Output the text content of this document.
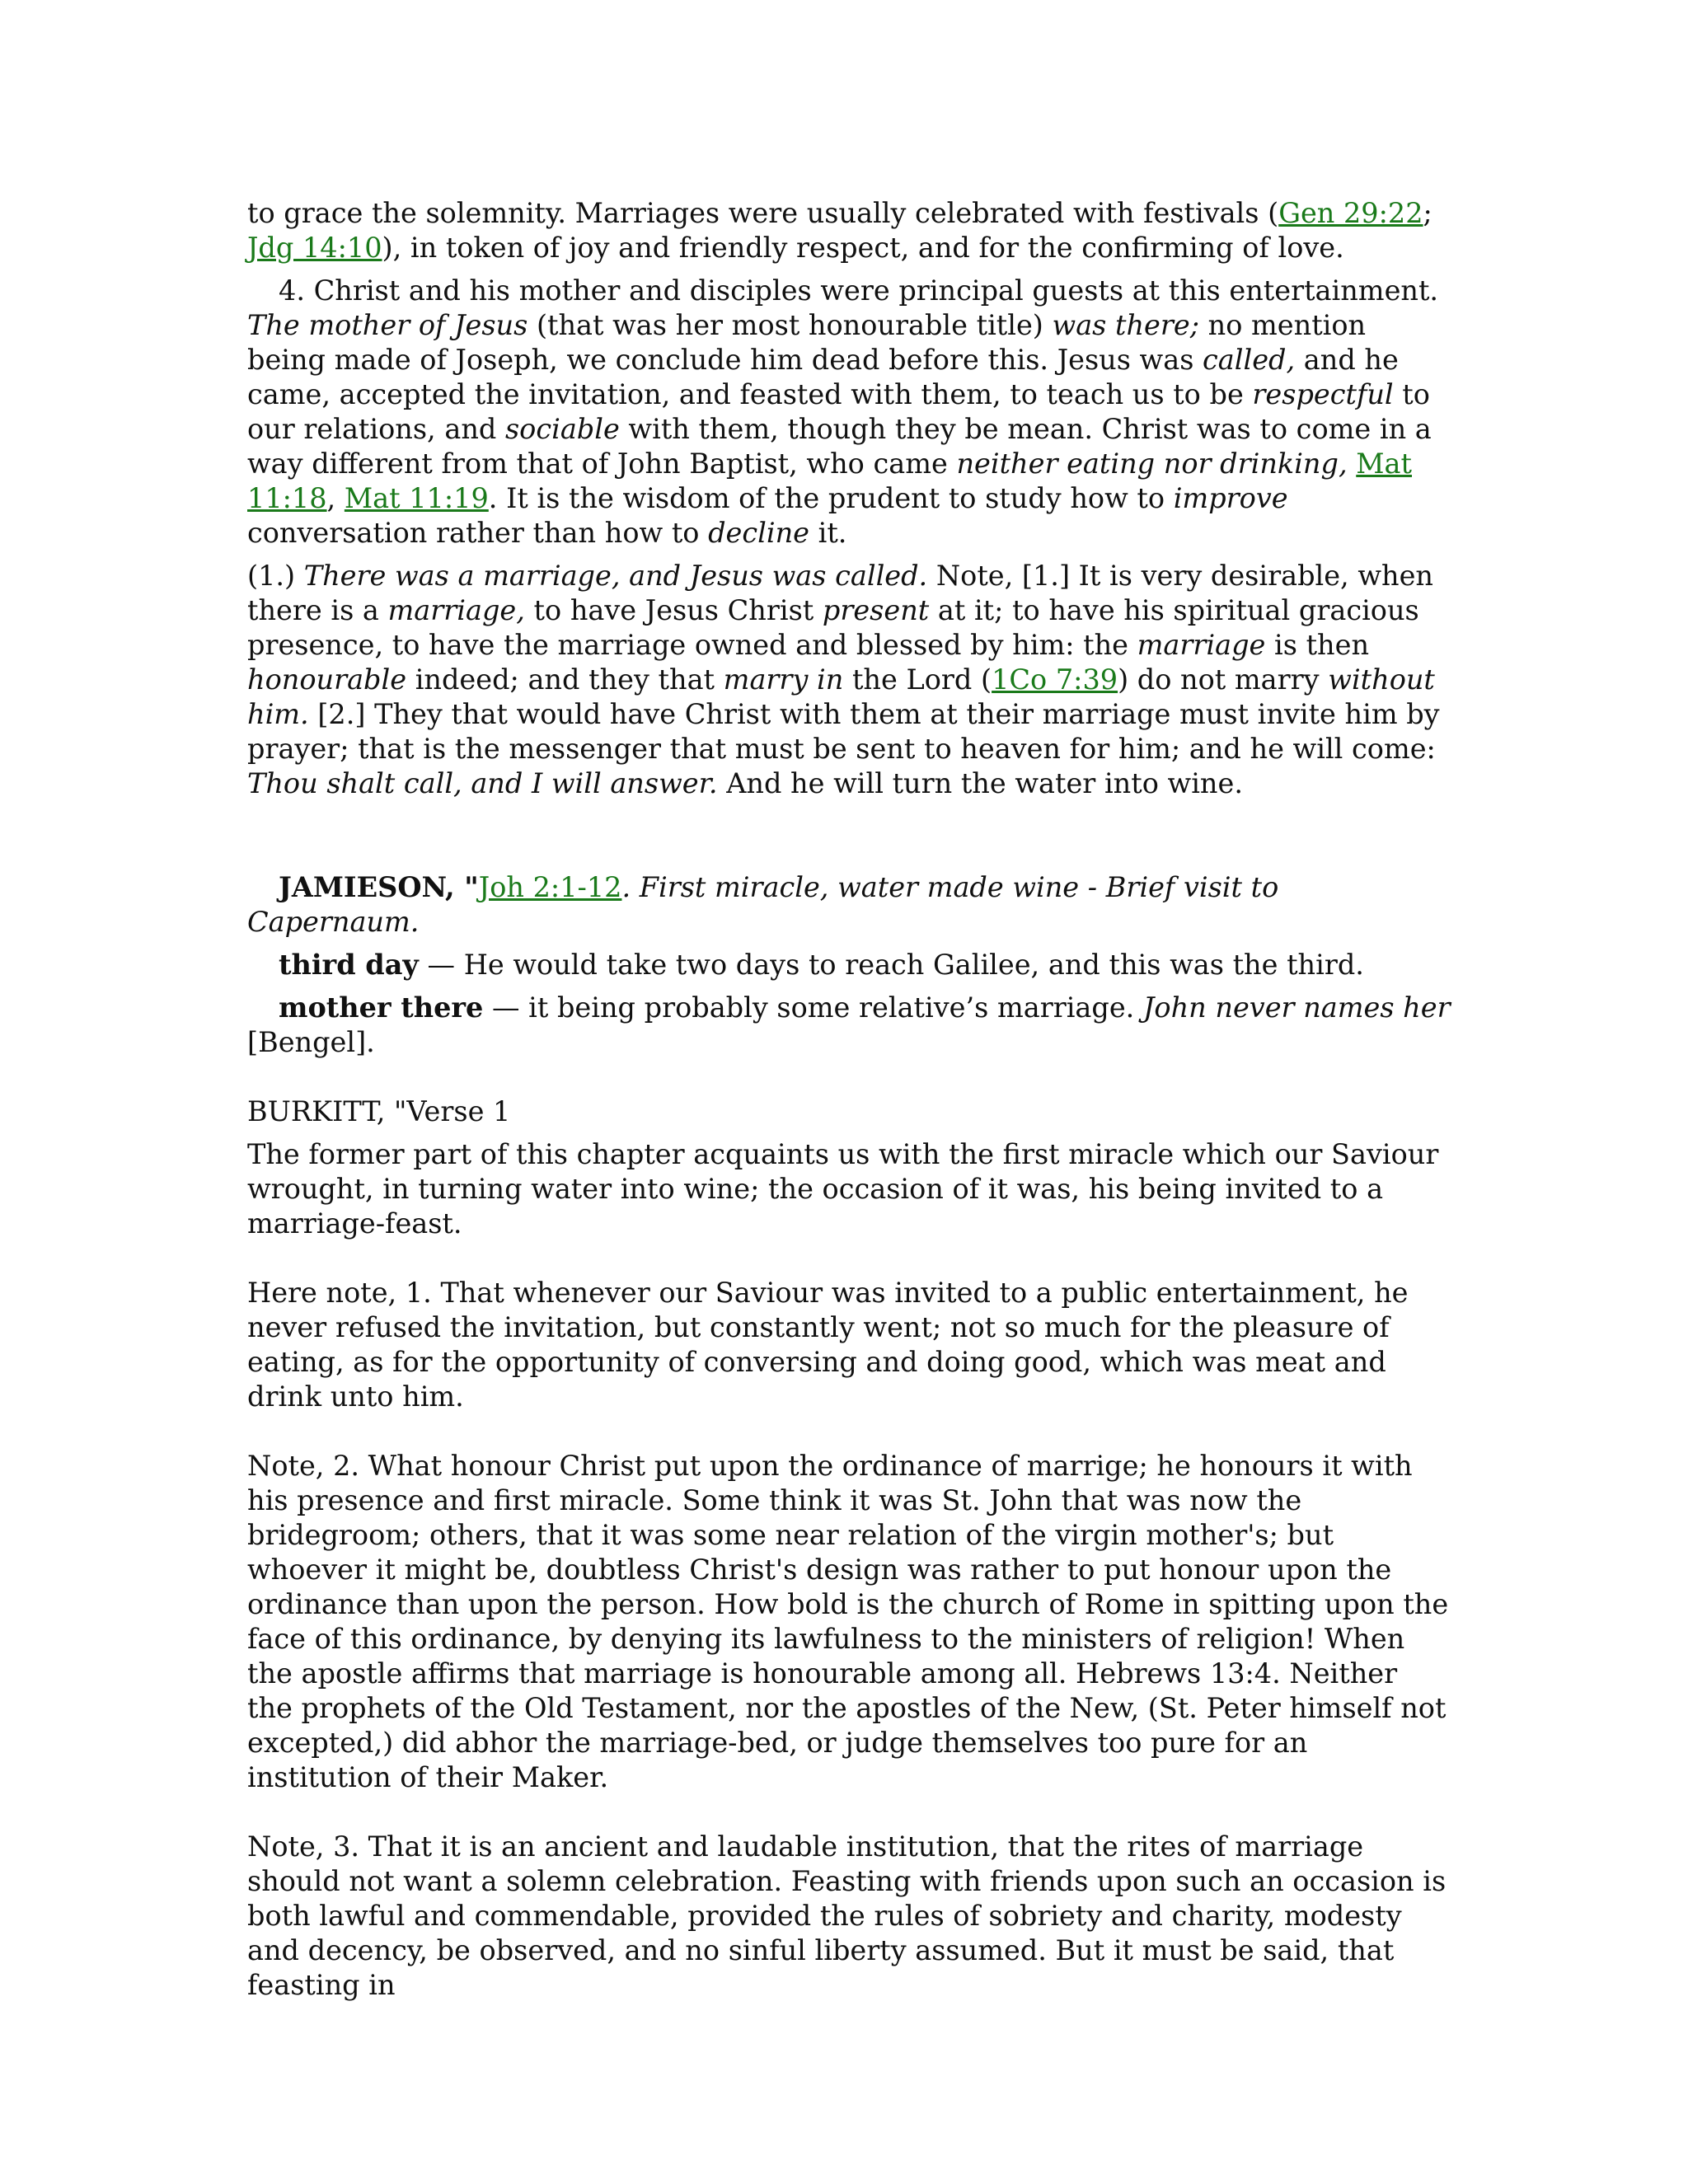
to grace the solemnity. Marriages were usually celebrated with festivals (Gen 29:22; Jdg 14:10), in token of joy and friendly respect, and for the confirming of love.

4. Christ and his mother and disciples were principal guests at this entertainment. The mother of Jesus (that was her most honourable title) was there; no mention being made of Joseph, we conclude him dead before this. Jesus was called, and he came, accepted the invitation, and feasted with them, to teach us to be respectful to our relations, and sociable with them, though they be mean. Christ was to come in a way different from that of John Baptist, who came neither eating nor drinking, Mat 11:18, Mat 11:19. It is the wisdom of the prudent to study how to improve conversation rather than how to decline it.

(1.) There was a marriage, and Jesus was called. Note, [1.] It is very desirable, when there is a marriage, to have Jesus Christ present at it; to have his spiritual gracious presence, to have the marriage owned and blessed by him: the marriage is then honourable indeed; and they that marry in the Lord (1Co 7:39) do not marry without him. [2.] They that would have Christ with them at their marriage must invite him by prayer; that is the messenger that must be sent to heaven for him; and he will come: Thou shalt call, and I will answer. And he will turn the water into wine.

JAMIESON, "Joh 2:1-12. First miracle, water made wine - Brief visit to Capernaum.

third day — He would take two days to reach Galilee, and this was the third.

mother there — it being probably some relative’s marriage. John never names her [Bengel].

BURKITT, "Verse 1

The former part of this chapter acquaints us with the first miracle which our Saviour wrought, in turning water into wine; the occasion of it was, his being invited to a marriage-feast.

Here note, 1. That whenever our Saviour was invited to a public entertainment, he never refused the invitation, but constantly went; not so much for the pleasure of eating, as for the opportunity of conversing and doing good, which was meat and drink unto him.

Note, 2. What honour Christ put upon the ordinance of marrige; he honours it with his presence and first miracle. Some think it was St. John that was now the bridegroom; others, that it was some near relation of the virgin mother's; but whoever it might be, doubtless Christ's design was rather to put honour upon the ordinance than upon the person. How bold is the church of Rome in spitting upon the face of this ordinance, by denying its lawfulness to the ministers of religion! When the apostle affirms that marriage is honourable among all. Hebrews 13:4. Neither the prophets of the Old Testament, nor the apostles of the New, (St. Peter himself not excepted,) did abhor the marriage-bed, or judge themselves too pure for an institution of their Maker.

Note, 3. That it is an ancient and laudable institution, that the rites of marriage should not want a solemn celebration. Feasting with friends upon such an occasion is both lawful and commendable, provided the rules of sobriety and charity, modesty and decency, be observed, and no sinful liberty assumed. But it must be said, that feasting in
